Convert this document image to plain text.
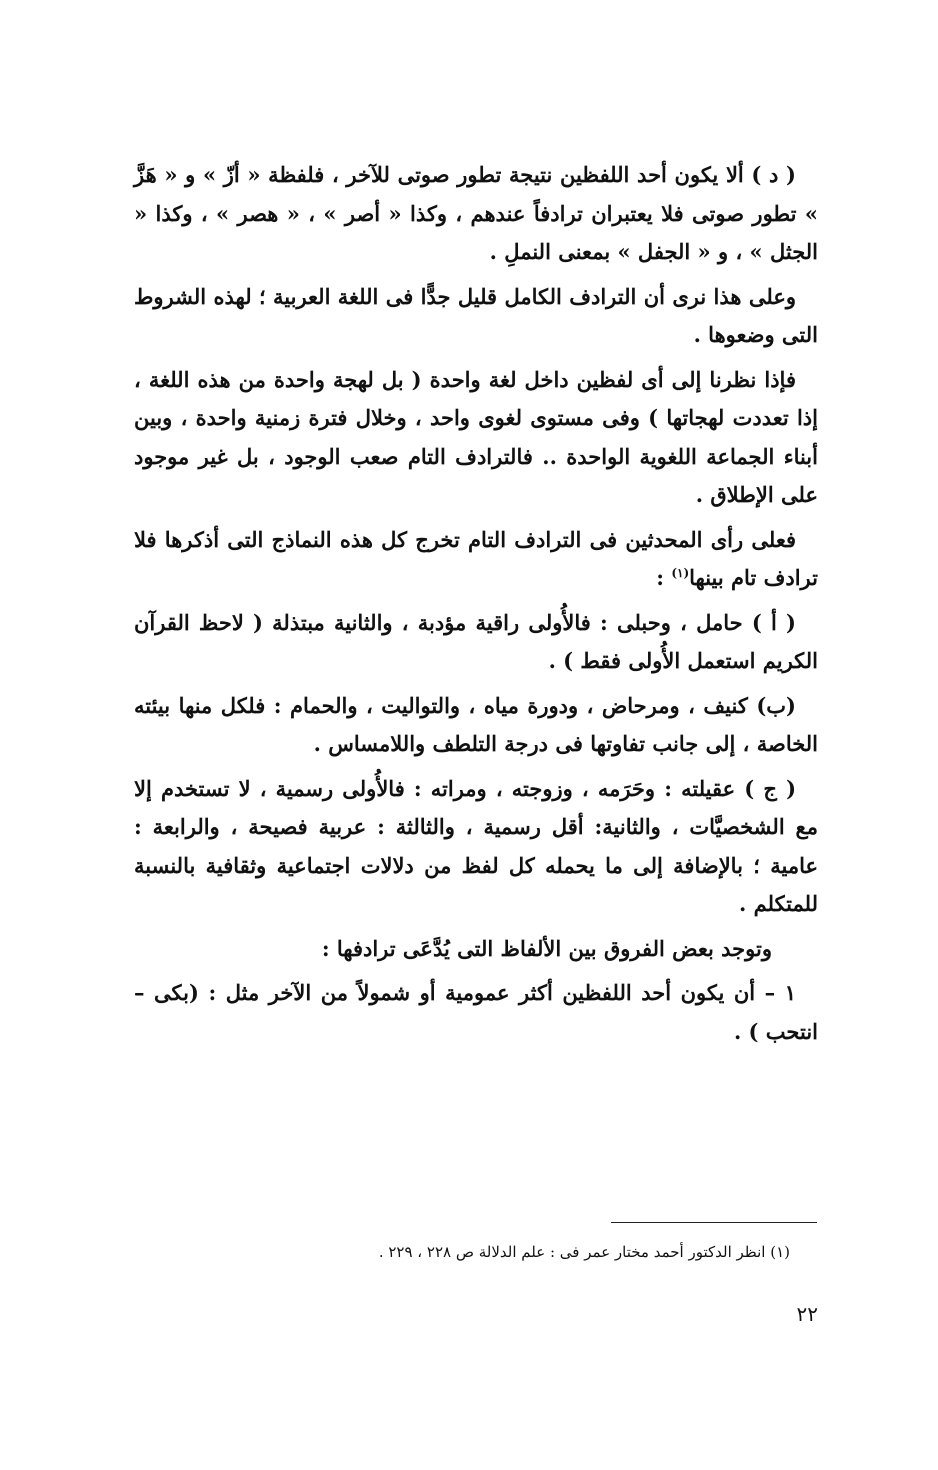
( د ) ألا يكون أحد اللفظين نتيجة تطور صوتى للآخر ، فلفظة « أزّ » و « هَزَّ » تطور صوتى فلا يعتبران ترادفاً عندهم ، وكذا « أصر » ، « هصر » ، وكذا « الجثل » ، و « الجفل » بمعنى النملِ .

وعلى هذا نرى أن الترادف الكامل قليل جدًّا فى اللغة العربية ؛ لهذه الشروط التى وضعوها .

فإذا نظرنا إلى أى لفظين داخل لغة واحدة ( بل لهجة واحدة من هذه اللغة ، إذا تعددت لهجاتها ) وفى مستوى لغوى واحد ، وخلال فترة زمنية واحدة ، وبين أبناء الجماعة اللغوية الواحدة .. فالترادف التام صعب الوجود ، بل غير موجود على الإطلاق .

فعلى رأى المحدثين فى الترادف التام تخرج كل هذه النماذج التى أذكرها فلا ترادف تام بينها$^{(١)}$ :

( أ ) حامل ، وحبلى : فالأُولى راقية مؤدبة ، والثانية مبتذلة ( لاحظ القرآن الكريم استعمل الأُولى فقط ) .

(ب) كنيف ، ومرحاض ، ودورة مياه ، والتواليت ، والحمام : فلكل منها بيئته الخاصة ، إلى جانب تفاوتها فى درجة التلطف واللامساس .

( ج ) عقيلته : وحَرَمه ، وزوجته ، ومراته : فالأُولى رسمية ، لا تستخدم إلا مع الشخصيَّات ، والثانية: أقل رسمية ، والثالثة : عربية فصيحة ، والرابعة : عامية ؛ بالإضافة إلى ما يحمله كل لفظ من دلالات اجتماعية وثقافية بالنسبة للمتكلم .

وتوجد بعض الفروق بين الألفاظ التى يُدَّعَى ترادفها :

١ – أن يكون أحد اللفظين أكثر عمومية أو شمولاً من الآخر مثل : (بكى – انتحب ) .

(١) انظر الدكتور أحمد مختار عمر فى : علم الدلالة ص ٢٢٨ ، ٢٢٩ .
٢٢
